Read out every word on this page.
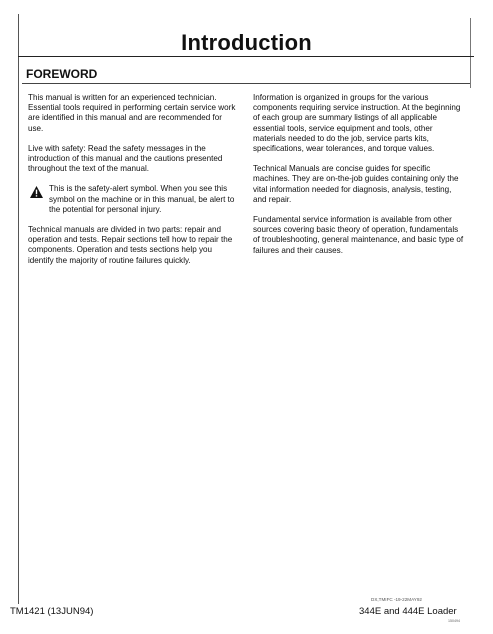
Introduction
FOREWORD

This manual is written for an experienced technician. Essential tools required in performing certain service work are identified in this manual and are recommended for use.

Live with safety: Read the safety messages in the introduction of this manual and the cautions presented throughout the text of the manual.

This is the safety-alert symbol. When you see this symbol on the machine or in this manual, be alert to the potential for personal injury.

Technical manuals are divided in two parts: repair and operation and tests. Repair sections tell how to repair the components. Operation and tests sections help you identify the majority of routine failures quickly.

Information is organized in groups for the various components requiring service instruction. At the beginning of each group are summary listings of all applicable essential tools, service equipment and tools, other materials needed to do the job, service parts kits, specifications, wear tolerances, and torque values.

Technical Manuals are concise guides for specific machines. They are on-the-job guides containing only the vital information needed for diagnosis, analysis, testing, and repair.

Fundamental service information is available from other sources covering basic theory of operation, fundamentals of troubleshooting, general maintenance, and basic type of failures and their causes.

TM1421 (13JUN94)
DX,TMIFC -19-22MAY92
344E and 444E Loader
150494
